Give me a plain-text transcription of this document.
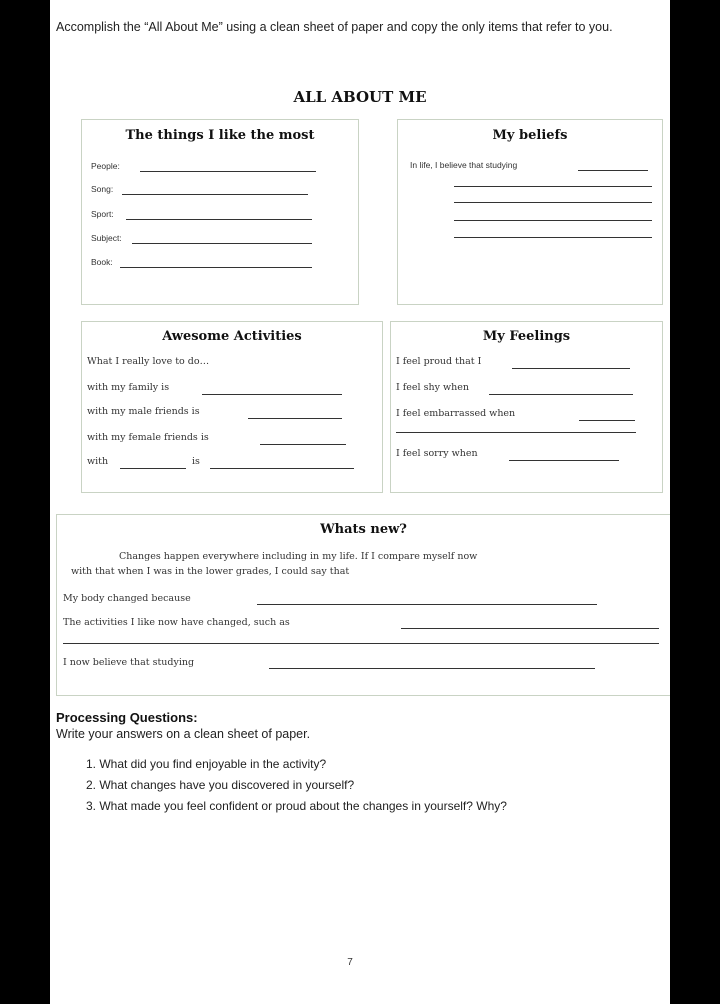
Accomplish the “All About Me” using a clean sheet of paper and copy the only items that refer to you.
ALL ABOUT ME
The things I like the most
People:
Song:
Sport:
Subject:
Book:
My beliefs
In life, I believe that studying
Awesome Activities
What I really love to do…
with my family is
with my male friends is
with my female friends is
with	is
My Feelings
I feel proud that I
I feel shy when
I feel embarrassed when
I feel sorry when
Whats new?
Changes happen everywhere including in my life. If I compare myself now
with that when I was in the lower grades, I could say that
My body changed because
The activities I like now have changed, such as
I now believe that studying
Processing Questions:
Write your answers on a clean sheet of paper.
1. What did you find enjoyable in the activity?
2. What changes have you discovered in yourself?
3. What made you feel confident or proud about the changes in yourself? Why?
7
